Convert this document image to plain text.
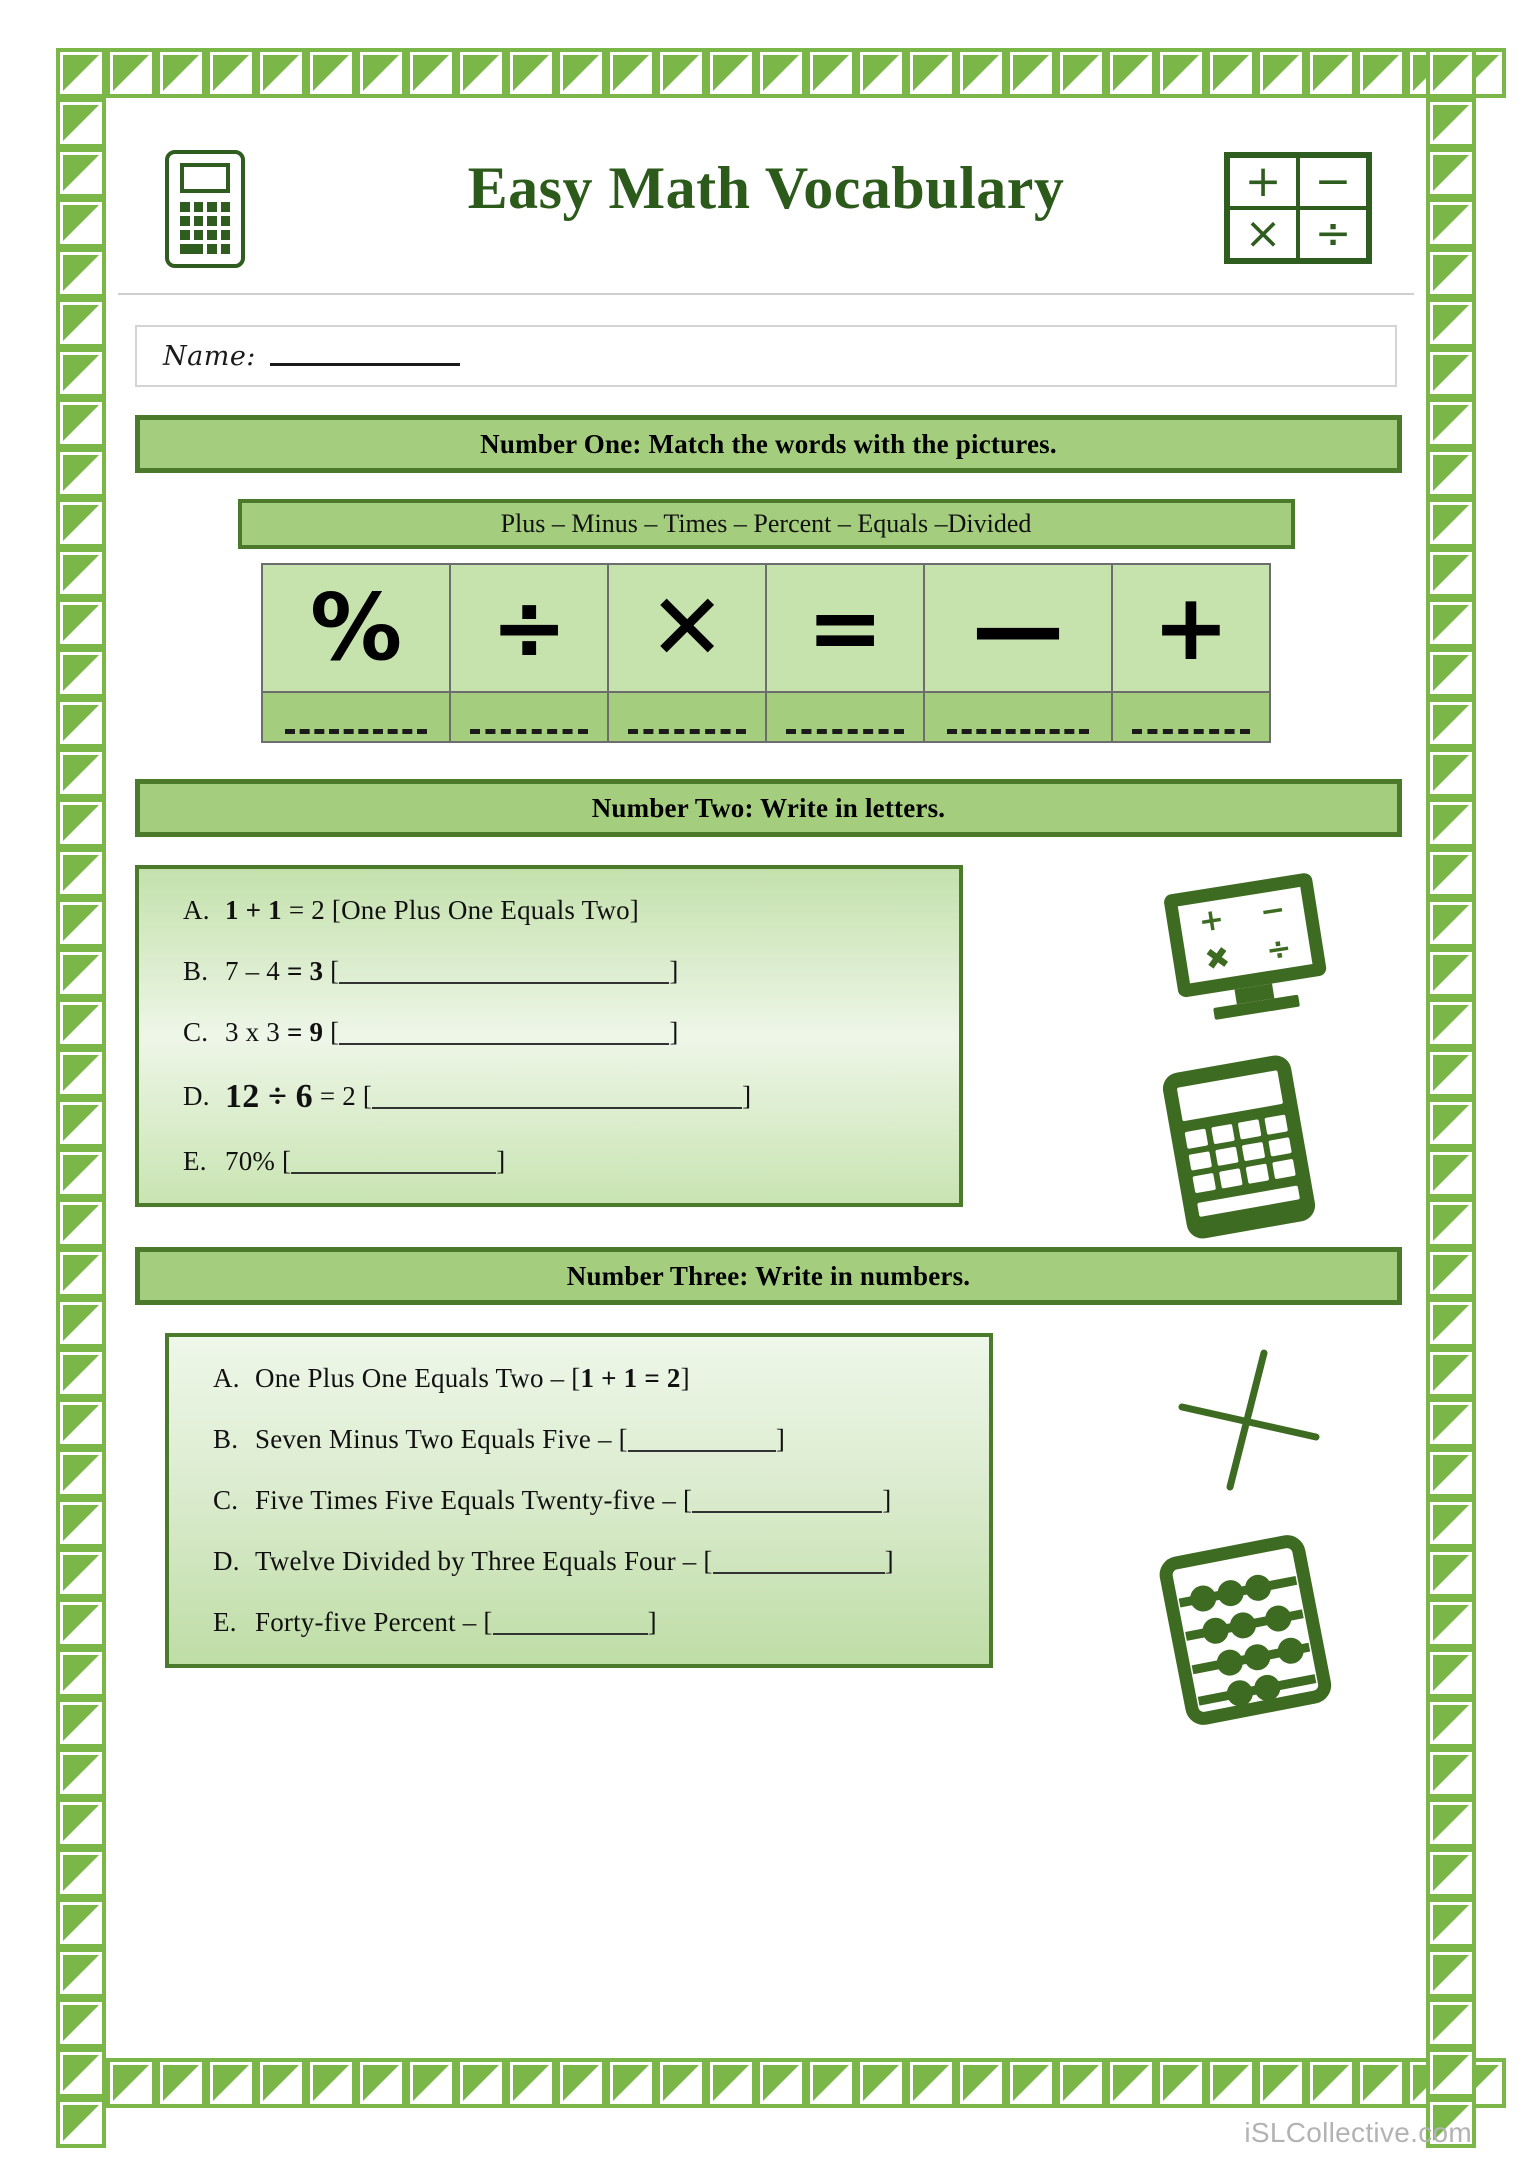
Easy Math Vocabulary	+ −
× ÷
Name:
Number One: Match the words with the pictures.
Plus – Minus – Times – Percent – Equals –Divided
%	÷	✕	=	—	+

Number Two: Write in letters.
A. 1 + 1 = 2 [One Plus One Equals Two]
B. 7 – 4 = 3 [	]
C. 3 x 3 = 9 [	]
D. 12 ÷ 6 = 2 [	]
E. 70% [	]
+ −
✖ ÷
Number Three: Write in numbers.
A. One Plus One Equals Two – [1 + 1 = 2]
B. Seven Minus Two Equals Five – [	]
C. Five Times Five Equals Twenty-five – [	]
D. Twelve Divided by Three Equals Four – [	]
E. Forty-five Percent – [	]
iSLCollective.com
